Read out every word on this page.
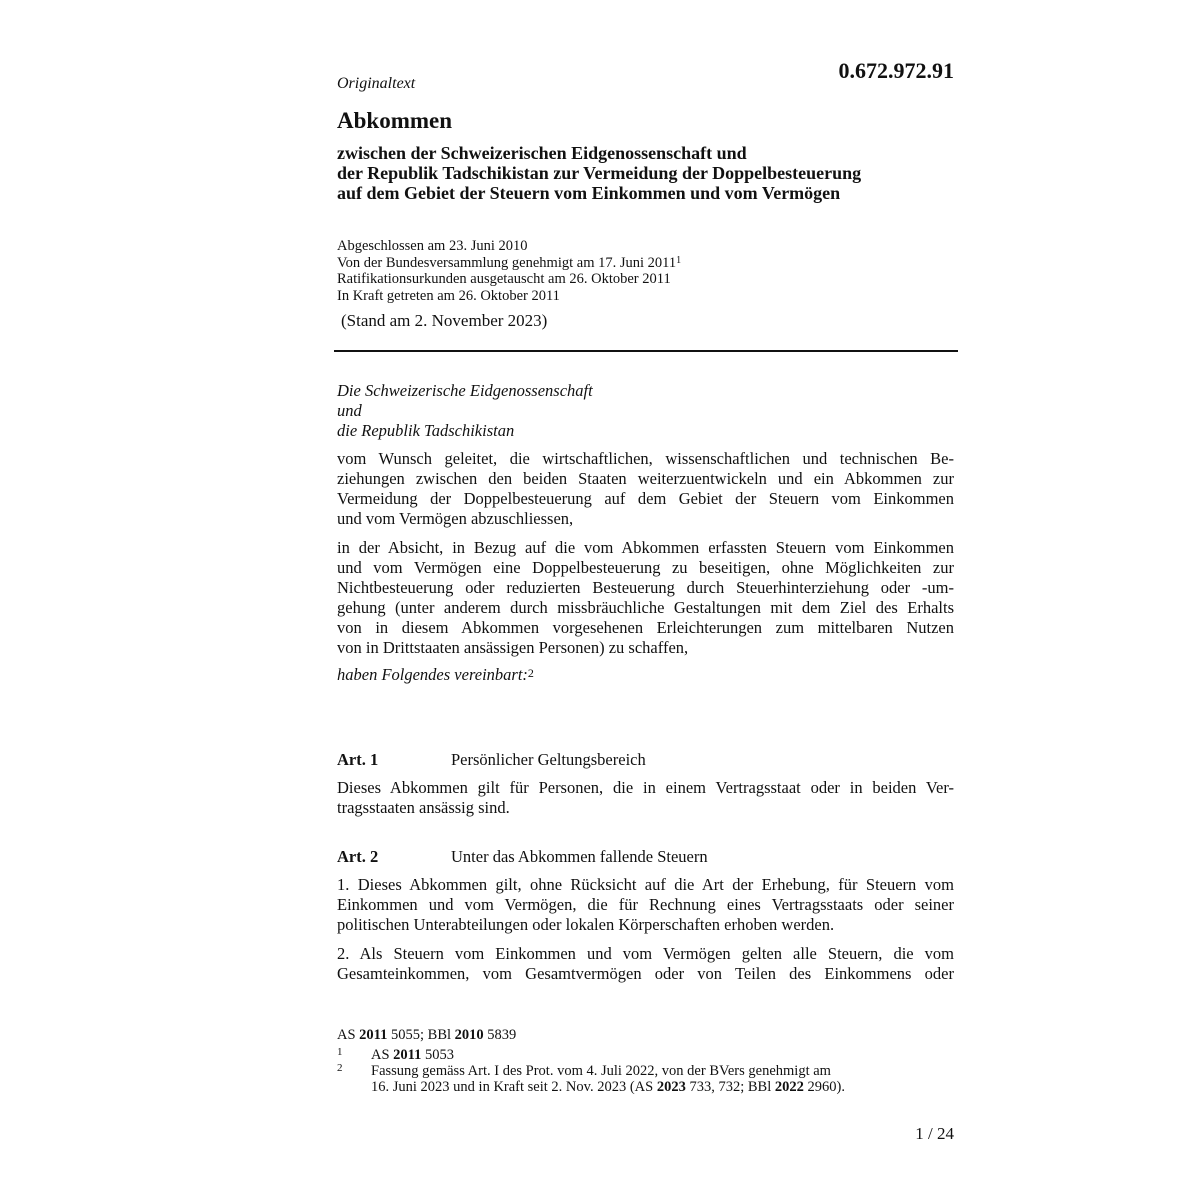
0.672.972.91
Originaltext
Abkommen
zwischen der Schweizerischen Eidgenossenschaft und
der Republik Tadschikistan zur Vermeidung der Doppelbesteuerung
auf dem Gebiet der Steuern vom Einkommen und vom Vermögen
Abgeschlossen am 23. Juni 2010
Von der Bundesversammlung genehmigt am 17. Juni 2011$^1$
Ratifikationsurkunden ausgetauscht am 26. Oktober 2011
In Kraft getreten am 26. Oktober 2011
(Stand am 2. November 2023)
Die Schweizerische Eidgenossenschaft
und
die Republik Tadschikistan
vom Wunsch geleitet, die wirtschaftlichen, wissenschaftlichen und technischen Be-
ziehungen zwischen den beiden Staaten weiterzuentwickeln und ein Abkommen zur
Vermeidung der Doppelbesteuerung auf dem Gebiet der Steuern vom Einkommen
und vom Vermögen abzuschliessen,
in der Absicht, in Bezug auf die vom Abkommen erfassten Steuern vom Einkommen
und vom Vermögen eine Doppelbesteuerung zu beseitigen, ohne Möglichkeiten zur
Nichtbesteuerung oder reduzierten Besteuerung durch Steuerhinterziehung oder -um-
gehung (unter anderem durch missbräuchliche Gestaltungen mit dem Ziel des Erhalts
von in diesem Abkommen vorgesehenen Erleichterungen zum mittelbaren Nutzen
von in Drittstaaten ansässigen Personen) zu schaffen,
haben Folgendes vereinbart:$^2$
Art. 1	Persönlicher Geltungsbereich
Dieses Abkommen gilt für Personen, die in einem Vertragsstaat oder in beiden Ver-
tragsstaaten ansässig sind.
Art. 2	Unter das Abkommen fallende Steuern
1. Dieses Abkommen gilt, ohne Rücksicht auf die Art der Erhebung, für Steuern vom
Einkommen und vom Vermögen, die für Rechnung eines Vertragsstaats oder seiner
politischen Unterabteilungen oder lokalen Körperschaften erhoben werden.
2. Als Steuern vom Einkommen und vom Vermögen gelten alle Steuern, die vom
Gesamteinkommen, vom Gesamtvermögen oder von Teilen des Einkommens oder
AS 2011 5055; BBl 2010 5839
1 AS 2011 5053
2 Fassung gemäss Art. I des Prot. vom 4. Juli 2022, von der BVers genehmigt am
16. Juni 2023 und in Kraft seit 2. Nov. 2023 (AS 2023 733, 732; BBl 2022 2960).
1 / 24
